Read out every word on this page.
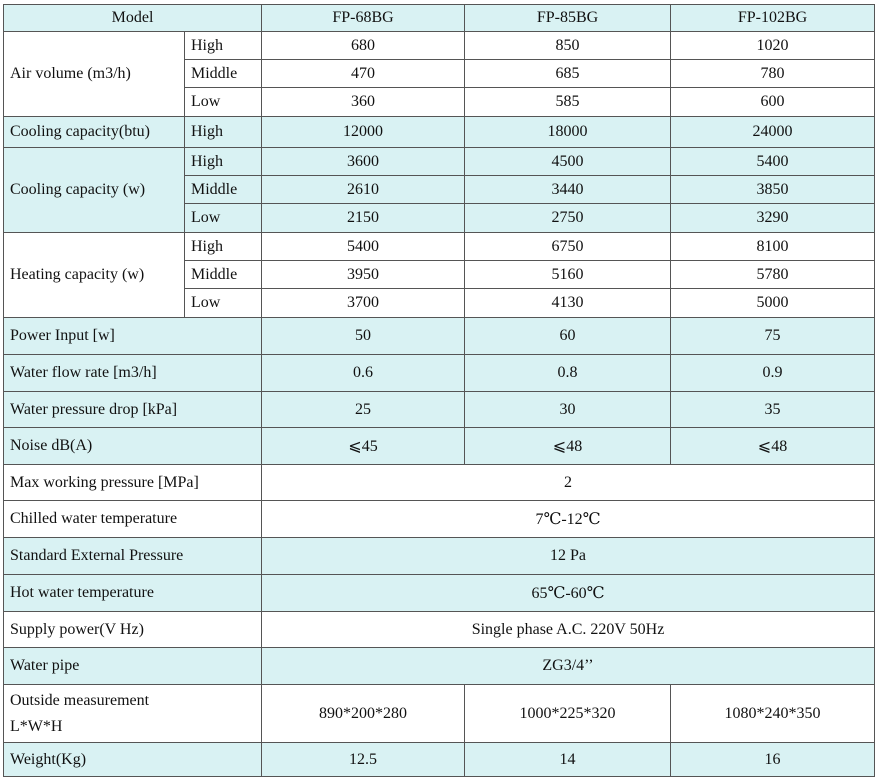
Model		FP-68BG	FP-85BG	FP-102BG
Air volume (m3/h)	High	680	850	1020
	Middle	470	685	780
	Low	360	585	600
Cooling capacity(btu)	High	12000	18000	24000
Cooling capacity (w)	High	3600	4500	5400
	Middle	2610	3440	3850
	Low	2150	2750	3290
Heating capacity (w)	High	5400	6750	8100
	Middle	3950	5160	5780
	Low	3700	4130	5000
Power Input [w]		50	60	75
Water flow rate [m3/h]		0.6	0.8	0.9
Water pressure drop [kPa]		25	30	35
Noise dB(A)		⩽45	⩽48	⩽48
Max working pressure [MPa]		2		
Chilled water temperature		7℃-12℃		
Standard External Pressure		12 Pa		
Hot water temperature		65℃-60℃		
Supply power(V Hz)		Single phase A.C. 220V 50Hz		
Water pipe		ZG3/4’’		
Outside measurement
L*W*H		890*200*280	1000*225*320	1080*240*350
Weight(Kg)		12.5	14	16
